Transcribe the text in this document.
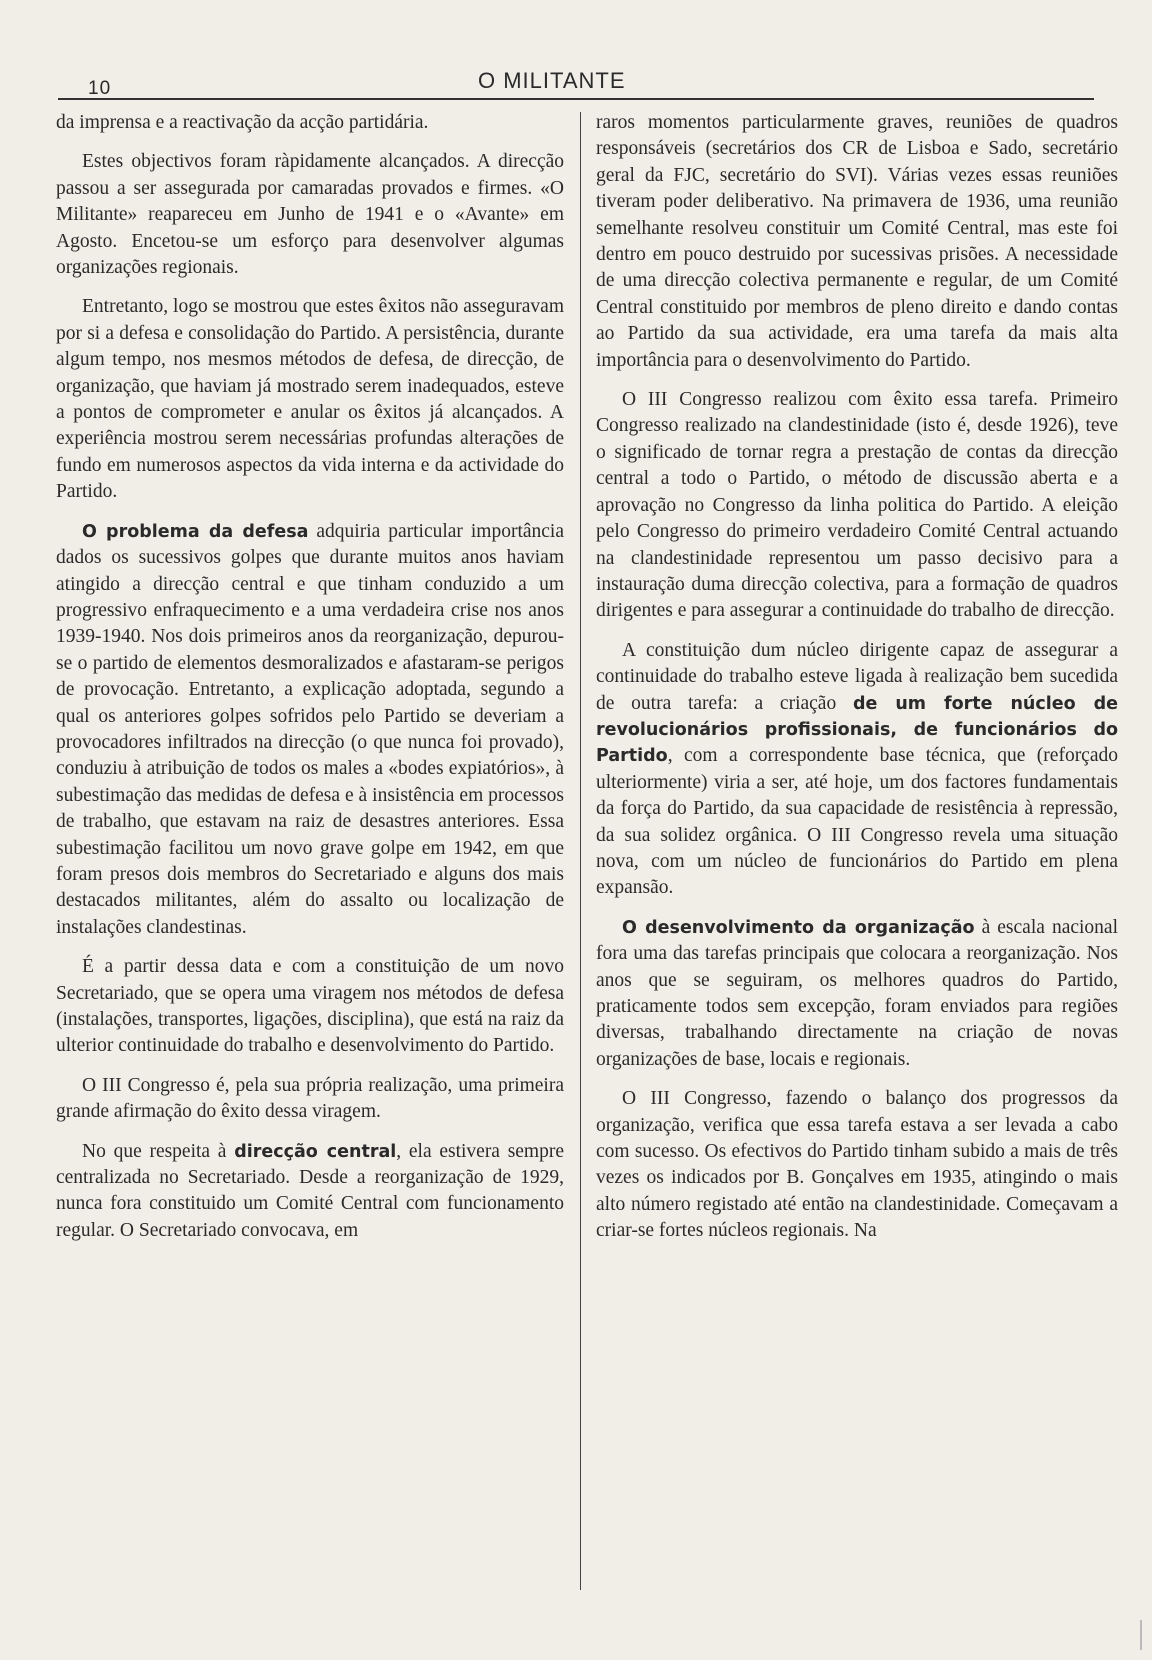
10	O MILITANTE

da imprensa e a reactivação da acção partidária.

Estes objectivos foram ràpidamente alcançados. A direcção passou a ser assegurada por camaradas provados e firmes. «O Militante» reapareceu em Junho de 1941 e o «Avante» em Agosto. Encetou-se um esforço para desenvolver algumas organizações regionais.

Entretanto, logo se mostrou que estes êxitos não asseguravam por si a defesa e consolidação do Partido. A persistência, durante algum tempo, nos mesmos métodos de defesa, de direcção, de organização, que haviam já mostrado serem inadequados, esteve a pontos de comprometer e anular os êxitos já alcançados. A experiência mostrou serem necessárias profundas alterações de fundo em numerosos aspectos da vida interna e da actividade do Partido.

O problema da defesa adquiria particular importância dados os sucessivos golpes que durante muitos anos haviam atingido a direcção central e que tinham conduzido a um progressivo enfraquecimento e a uma verdadeira crise nos anos 1939-1940. Nos dois primeiros anos da reorganização, depurou-se o partido de elementos desmoralizados e afastaram-se perigos de provocação. Entretanto, a explicação adoptada, segundo a qual os anteriores golpes sofridos pelo Partido se deveriam a provocadores infiltrados na direcção (o que nunca foi provado), conduziu à atribuição de todos os males a «bodes expiatórios», à subestimação das medidas de defesa e à insistência em processos de trabalho, que estavam na raiz de desastres anteriores. Essa subestimação facilitou um novo grave golpe em 1942, em que foram presos dois membros do Secretariado e alguns dos mais destacados militantes, além do assalto ou localização de instalações clandestinas.

É a partir dessa data e com a constituição de um novo Secretariado, que se opera uma viragem nos métodos de defesa (instalações, transportes, ligações, disciplina), que está na raiz da ulterior continuidade do trabalho e desenvolvimento do Partido.

O III Congresso é, pela sua própria realização, uma primeira grande afirmação do êxito dessa viragem.

No que respeita à direcção central, ela estivera sempre centralizada no Secretariado. Desde a reorganização de 1929, nunca fora constituido um Comité Central com funcionamento regular. O Secretariado convocava, em

raros momentos particularmente graves, reuniões de quadros responsáveis (secretários dos CR de Lisboa e Sado, secretário geral da FJC, secretário do SVI). Várias vezes essas reuniões tiveram poder deliberativo. Na primavera de 1936, uma reunião semelhante resolveu constituir um Comité Central, mas este foi dentro em pouco destruido por sucessivas prisões. A necessidade de uma direcção colectiva permanente e regular, de um Comité Central constituido por membros de pleno direito e dando contas ao Partido da sua actividade, era uma tarefa da mais alta importância para o desenvolvimento do Partido.

O III Congresso realizou com êxito essa tarefa. Primeiro Congresso realizado na clandestinidade (isto é, desde 1926), teve o significado de tornar regra a prestação de contas da direcção central a todo o Partido, o método de discussão aberta e a aprovação no Congresso da linha politica do Partido. A eleição pelo Congresso do primeiro verdadeiro Comité Central actuando na clandestinidade representou um passo decisivo para a instauração duma direcção colectiva, para a formação de quadros dirigentes e para assegurar a continuidade do trabalho de direcção.

A constituição dum núcleo dirigente capaz de assegurar a continuidade do trabalho esteve ligada à realização bem sucedida de outra tarefa: a criação de um forte núcleo de revolucionários profissionais, de funcionários do Partido, com a correspondente base técnica, que (reforçado ulteriormente) viria a ser, até hoje, um dos factores fundamentais da força do Partido, da sua capacidade de resistência à repressão, da sua solidez orgânica. O III Congresso revela uma situação nova, com um núcleo de funcionários do Partido em plena expansão.

O desenvolvimento da organização à escala nacional fora uma das tarefas principais que colocara a reorganização. Nos anos que se seguiram, os melhores quadros do Partido, praticamente todos sem excepção, foram enviados para regiões diversas, trabalhando directamente na criação de novas organizações de base, locais e regionais.

O III Congresso, fazendo o balanço dos progressos da organização, verifica que essa tarefa estava a ser levada a cabo com sucesso. Os efectivos do Partido tinham subido a mais de três vezes os indicados por B. Gonçalves em 1935, atingindo o mais alto número registado até então na clandestinidade. Começavam a criar-se fortes núcleos regionais. Na
